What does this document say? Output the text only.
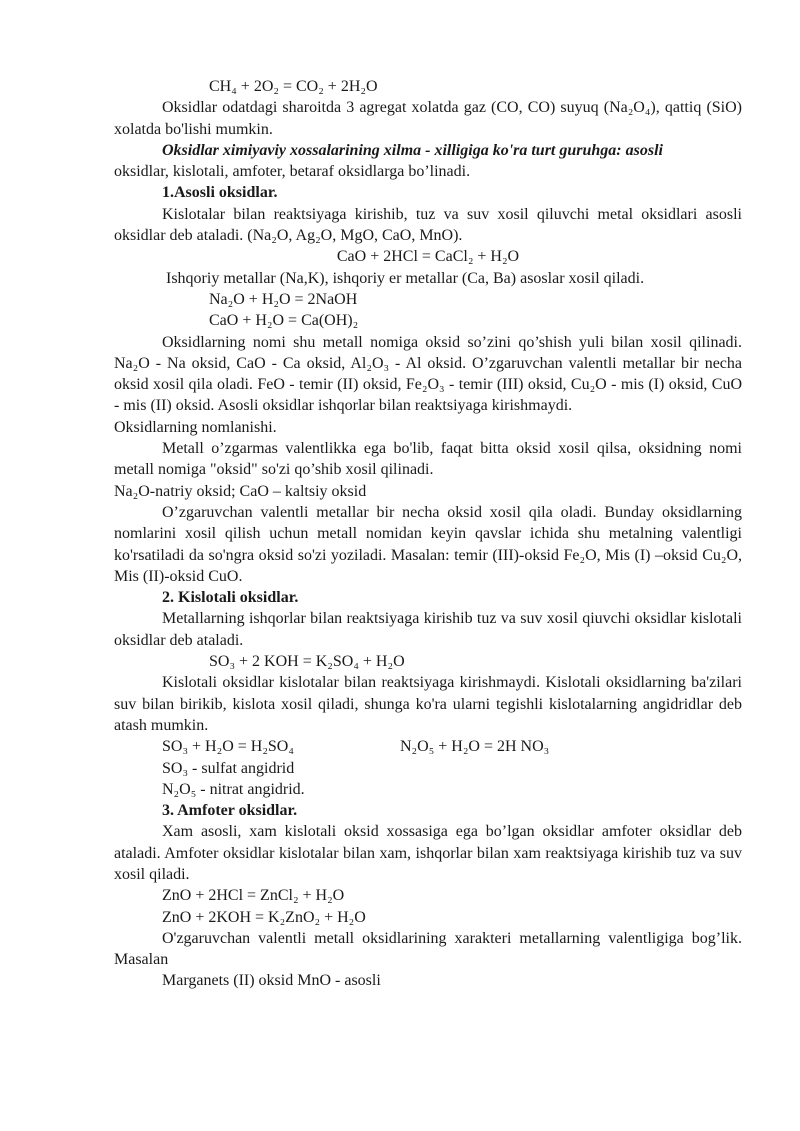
CH₄ + 2O₂ = CO₂ + 2H₂O

Oksidlar odatdagi sharoitda 3 agregat xolatda gaz (CO, CO) suyuq (Na₂O₄), qattiq (SiO) xolatda bo'lishi mumkin.

Oksidlar ximiyaviy xossalarining xilma - xilligiga ko'ra turt guruhga: asosli

oksidlar, kislotali, amfoter, betaraf oksidlarga bo’linadi.

1.Asosli oksidlar.

Kislotalar bilan reaktsiyaga kirishib, tuz va suv xosil qiluvchi metal oksidlari asosli oksidlar deb ataladi. (Na₂O, Ag₂O, MgO, CaO, MnO).

CaO + 2HCl = CaCl₂ + H₂O

Ishqoriy metallar (Na,K), ishqoriy er metallar (Ca, Ba) asoslar xosil qiladi.

Na₂O + H₂O = 2NaOH

CaO + H₂O = Ca(OH)₂

Oksidlarning nomi shu metall nomiga oksid so’zini qo’shish yuli bilan xosil qilinadi. Na₂O - Na oksid, CaO - Ca oksid, Al₂O₃ - Al oksid. O’zgaruvchan valentli metallar bir necha oksid xosil qila oladi. FeO - temir (II) oksid, Fe₂O₃ - temir (III) oksid, Cu₂O - mis (I) oksid, CuO - mis (II) oksid. Asosli oksidlar ishqorlar bilan reaktsiyaga kirishmaydi.

Oksidlarning nomlanishi.

Metall o’zgarmas valentlikka ega bo'lib, faqat bitta oksid xosil qilsa, oksidning nomi metall nomiga "oksid" so'zi qo’shib xosil qilinadi.

Na₂O-natriy oksid; CaO – kaltsiy oksid

O’zgaruvchan valentli metallar bir necha oksid xosil qila oladi. Bunday oksidlarning nomlarini xosil qilish uchun metall nomidan keyin qavslar ichida shu metalning valentligi ko'rsatiladi da so'ngra oksid so'zi yoziladi. Masalan: temir (III)-oksid Fe₂O, Mis (I) –oksid Cu₂O, Mis (II)-oksid CuO.

2. Kislotali oksidlar.

Metallarning ishqorlar bilan reaktsiyaga kirishib tuz va suv xosil qiuvchi oksidlar kislotali oksidlar deb ataladi.

SO₃ + 2 KOH = K₂SO₄ + H₂O

Kislotali oksidlar kislotalar bilan reaktsiyaga kirishmaydi. Kislotali oksidlarning ba'zilari suv bilan birikib, kislota xosil qiladi, shunga ko'ra ularni tegishli kislotalarning angidridlar deb atash mumkin.

SO₃ + H₂O = H₂SO₄	N₂O₅ + H₂O = 2H NO₃

SO₃ - sulfat angidrid

N₂O₅ - nitrat angidrid.

3. Amfoter oksidlar.

Xam asosli, xam kislotali oksid xossasiga ega bo’lgan oksidlar amfoter oksidlar deb ataladi. Amfoter oksidlar kislotalar bilan xam, ishqorlar bilan xam reaktsiyaga kirishib tuz va suv xosil qiladi.

ZnO + 2HCl = ZnCl₂ + H₂O

ZnO + 2KOH = K₂ZnO₂ + H₂O

O'zgaruvchan valentli metall oksidlarining xarakteri metallarning valentligiga bog’lik. Masalan

Marganets (II) oksid MnO - asosli
